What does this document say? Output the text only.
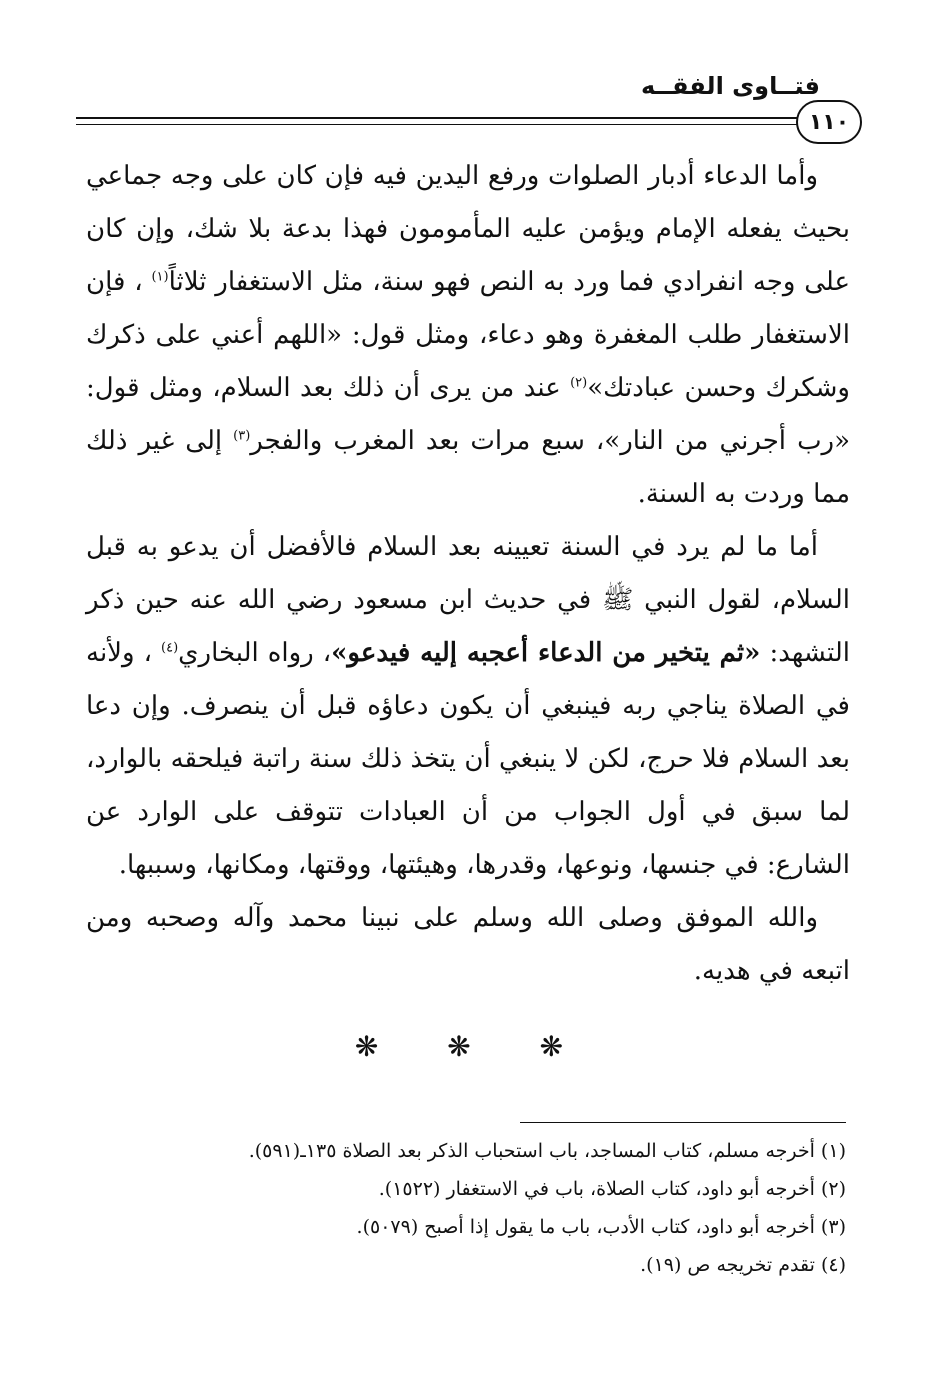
فتــاوى الفقــه
١١٠

وأما الدعاء أدبار الصلوات ورفع اليدين فيه فإن كان على وجه جماعي بحيث يفعله الإمام ويؤمن عليه المأمومون فهذا بدعة بلا شك، وإن كان على وجه انفرادي فما ورد به النص فهو سنة، مثل الاستغفار ثلاثاً$^{(١)}$ ، فإن الاستغفار طلب المغفرة وهو دعاء، ومثل قول: «اللهم أعني على ذكرك وشكرك وحسن عبادتك»$^{(٢)}$ عند من يرى أن ذلك بعد السلام، ومثل قول: «رب أجرني من النار»، سبع مرات بعد المغرب والفجر$^{(٣)}$ إلى غير ذلك مما وردت به السنة.

أما ما لم يرد في السنة تعيينه بعد السلام فالأفضل أن يدعو به قبل السلام، لقول النبي ﷺ في حديث ابن مسعود رضي الله عنه حين ذكر التشهد: «ثم يتخير من الدعاء أعجبه إليه فيدعو»، رواه البخاري$^{(٤)}$ ، ولأنه في الصلاة يناجي ربه فينبغي أن يكون دعاؤه قبل أن ينصرف. وإن دعا بعد السلام فلا حرج، لكن لا ينبغي أن يتخذ ذلك سنة راتبة فيلحقه بالوارد، لما سبق في أول الجواب من أن العبادات تتوقف على الوارد عن الشارع: في جنسها، ونوعها، وقدرها، وهيئتها، ووقتها، ومكانها، وسببها.

والله الموفق وصلى الله وسلم على نبينا محمد وآله وصحبه ومن اتبعه في هديه.

❋ ❋ ❋
(١) أخرجه مسلم، كتاب المساجد، باب استحباب الذكر بعد الصلاة ١٣٥ـ(٥٩١).
(٢) أخرجه أبو داود، كتاب الصلاة، باب في الاستغفار (١٥٢٢).
(٣) أخرجه أبو داود، كتاب الأدب، باب ما يقول إذا أصبح (٥٠٧٩).
(٤) تقدم تخريجه ص (١٩).
